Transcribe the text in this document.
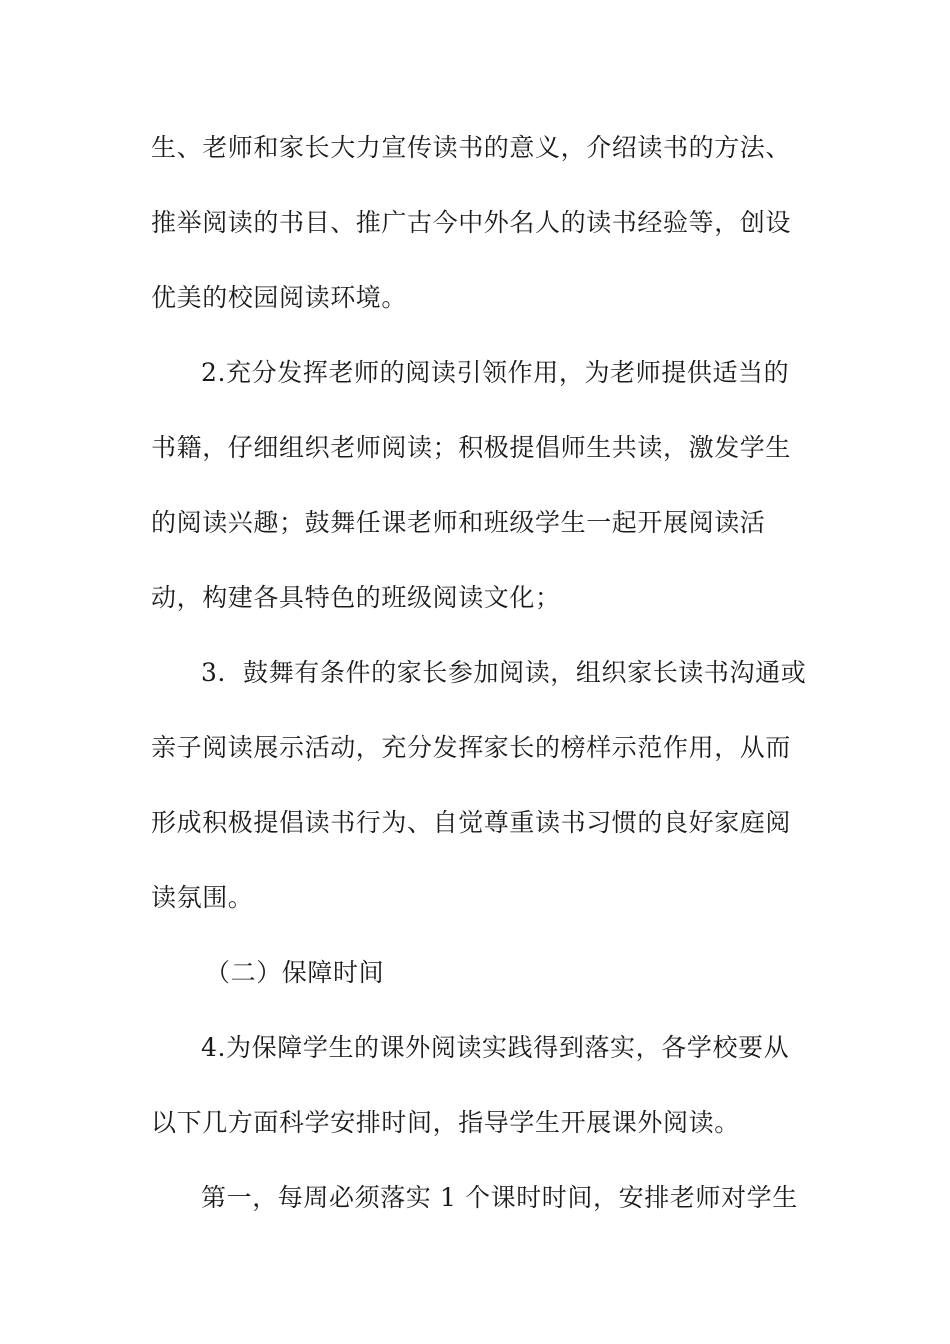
生、老师和家长大力宣传读书的意义，介绍读书的方法、
推举阅读的书目、推广古今中外名人的读书经验等，创设
优美的校园阅读环境。
2.充分发挥老师的阅读引领作用，为老师提供适当的
书籍，仔细组织老师阅读；积极提倡师生共读，激发学生
的阅读兴趣；鼓舞任课老师和班级学生一起开展阅读活
动，构建各具特色的班级阅读文化；
3．鼓舞有条件的家长参加阅读，组织家长读书沟通或
亲子阅读展示活动，充分发挥家长的榜样示范作用，从而
形成积极提倡读书行为、自觉尊重读书习惯的良好家庭阅
读氛围。
（二）保障时间
4.为保障学生的课外阅读实践得到落实，各学校要从
以下几方面科学安排时间，指导学生开展课外阅读。
第一，每周必须落实 1 个课时时间，安排老师对学生
